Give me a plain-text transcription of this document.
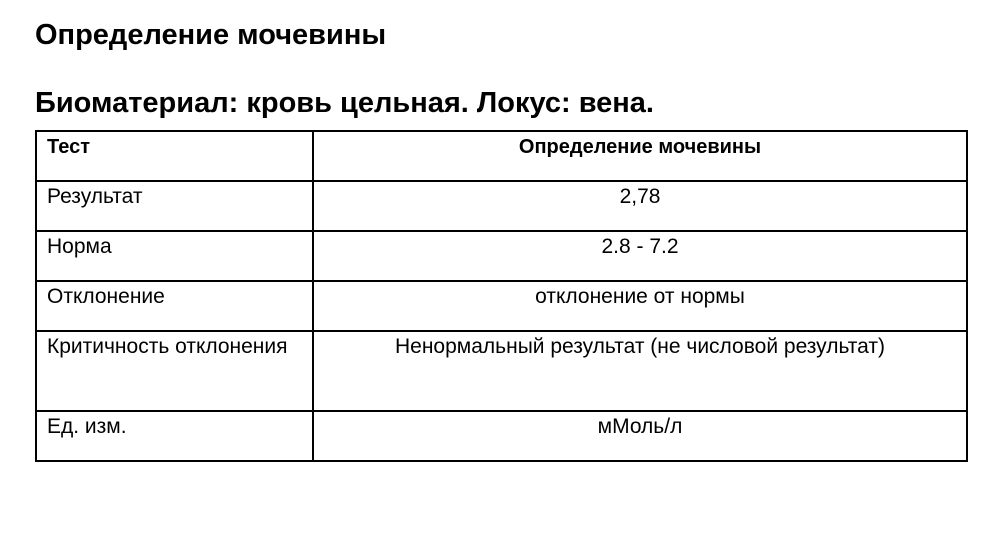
Определение мочевины
Биоматериал: кровь цельная. Локус: вена.
Тест	Определение мочевины
Результат	2,78
Норма	2.8 - 7.2
Отклонение	отклонение от нормы
Критичность отклонения	Ненормальный результат (не числовой результат)
Ед. изм.	мМоль/л
